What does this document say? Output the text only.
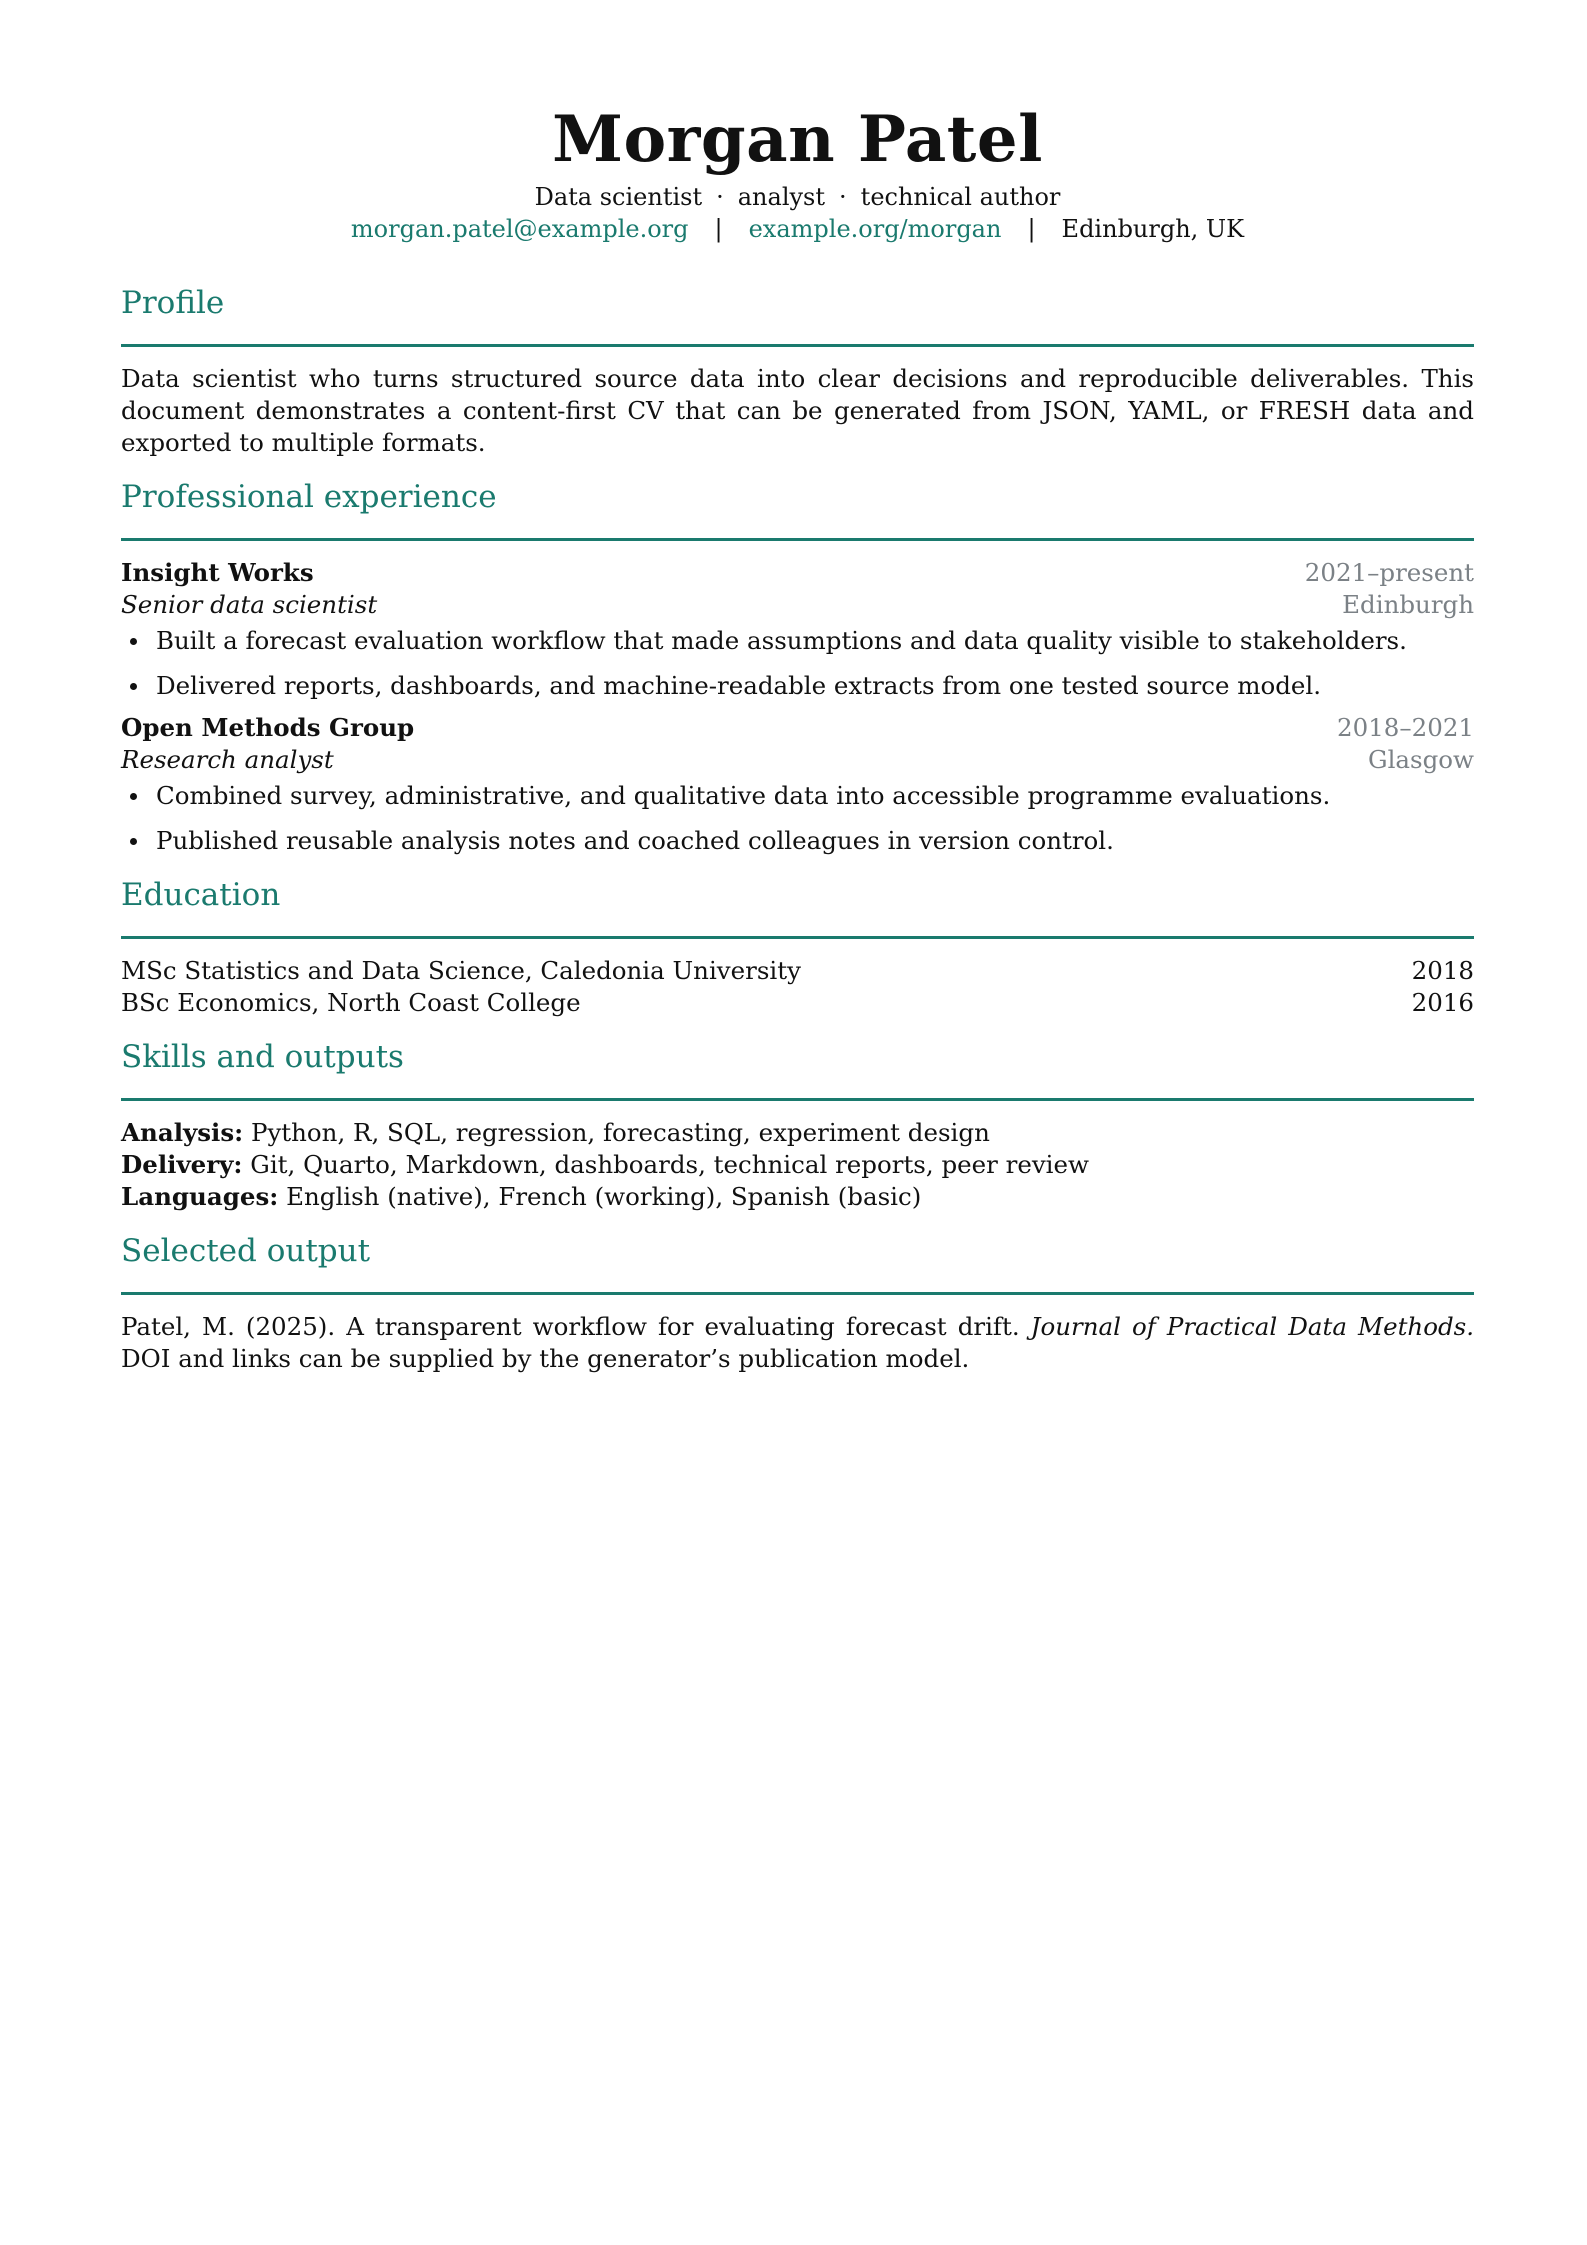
Morgan Patel
Data scientist · analyst · technical author
morgan.patel@example.org | example.org/morgan | Edinburgh, UK
Profile
Data scientist who turns structured source data into clear decisions and reproducible deliverables. This document demonstrates a content-first CV that can be generated from JSON, YAML, or FRESH data and exported to multiple formats.
Professional experience
Insight Works	2021–present
Senior data scientist	Edinburgh
Built a forecast evaluation workflow that made assumptions and data quality visible to stakeholders.
Delivered reports, dashboards, and machine-readable extracts from one tested source model.
Open Methods Group	2018–2021
Research analyst	Glasgow
Combined survey, administrative, and qualitative data into accessible programme evaluations.
Published reusable analysis notes and coached colleagues in version control.
Education
MSc Statistics and Data Science, Caledonia University	2018
BSc Economics, North Coast College	2016
Skills and outputs
Analysis: Python, R, SQL, regression, forecasting, experiment design
Delivery: Git, Quarto, Markdown, dashboards, technical reports, peer review
Languages: English (native), French (working), Spanish (basic)
Selected output
Patel, M. (2025). A transparent workflow for evaluating forecast drift. Journal of Practical Data Methods. DOI and links can be supplied by the generator’s publication model.
